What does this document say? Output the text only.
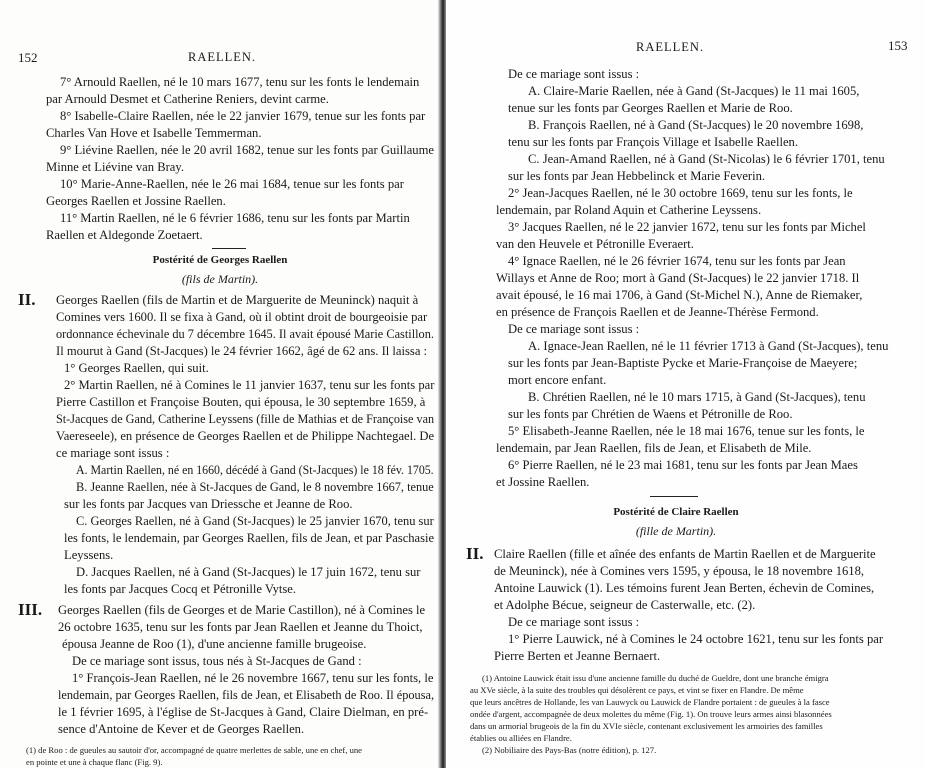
152	RAELLEN.
7° Arnould Raellen, né le 10 mars 1677, tenu sur les fonts le lendemain
par Arnould Desmet et Catherine Reniers, devint carme.
8° Isabelle-Claire Raellen, née le 22 janvier 1679, tenue sur les fonts par
Charles Van Hove et Isabelle Temmerman.
9° Liévine Raellen, née le 20 avril 1682, tenue sur les fonts par Guillaume
Minne et Liévine van Bray.
10° Marie-Anne-Raellen, née le 26 mai 1684, tenue sur les fonts par
Georges Raellen et Jossine Raellen.
11° Martin Raellen, né le 6 février 1686, tenu sur les fonts par Martin
Raellen et Aldegonde Zoetaert.
Postérité de Georges Raellen
(fils de Martin).
II. Georges Raellen (fils de Martin et de Marguerite de Meuninck) naquit à
Comines vers 1600. Il se fixa à Gand, où il obtint droit de bourgeoisie par
ordonnance échevinale du 7 décembre 1645. Il avait épousé Marie Castillon.
Il mourut à Gand (St-Jacques) le 24 février 1662, âgé de 62 ans. Il laissa :
1° Georges Raellen, qui suit.
2° Martin Raellen, né à Comines le 11 janvier 1637, tenu sur les fonts par
Pierre Castillon et Françoise Bouten, qui épousa, le 30 septembre 1659, à
St-Jacques de Gand, Catherine Leyssens (fille de Mathias et de Françoise van
Vaereseele), en présence de Georges Raellen et de Philippe Nachtegael. De
ce mariage sont issus :
A. Martin Raellen, né en 1660, décédé à Gand (St-Jacques) le 18 fév. 1705.
B. Jeanne Raellen, née à St-Jacques de Gand, le 8 novembre 1667, tenue
sur les fonts par Jacques van Driessche et Jeanne de Roo.
C. Georges Raellen, né à Gand (St-Jacques) le 25 janvier 1670, tenu sur
les fonts, le lendemain, par Georges Raellen, fils de Jean, et par Paschasie
Leyssens.
D. Jacques Raellen, né à Gand (St-Jacques) le 17 juin 1672, tenu sur
les fonts par Jacques Cocq et Pétronille Vytse.
III. Georges Raellen (fils de Georges et de Marie Castillon), né à Comines le
26 octobre 1635, tenu sur les fonts par Jean Raellen et Jeanne du Thoict,
épousa Jeanne de Roo (1), d'une ancienne famille brugeoise.
De ce mariage sont issus, tous nés à St-Jacques de Gand :
1° François-Jean Raellen, né le 26 novembre 1667, tenu sur les fonts, le
lendemain, par Georges Raellen, fils de Jean, et Elisabeth de Roo. Il épousa,
le 1 février 1695, à l'église de St-Jacques à Gand, Claire Dielman, en pré-
sence d'Antoine de Kever et de Georges Raellen.
(1) de Roo : de gueules au sautoir d'or, accompagné de quatre merlettes de sable, une en chef, une
en pointe et une à chaque flanc (Fig. 9).
RAELLEN.	153
De ce mariage sont issus :
A. Claire-Marie Raellen, née à Gand (St-Jacques) le 11 mai 1605,
tenue sur les fonts par Georges Raellen et Marie de Roo.
B. François Raellen, né à Gand (St-Jacques) le 20 novembre 1698,
tenu sur les fonts par François Village et Isabelle Raellen.
C. Jean-Amand Raellen, né à Gand (St-Nicolas) le 6 février 1701, tenu
sur les fonts par Jean Hebbelinck et Marie Feverin.
2° Jean-Jacques Raellen, né le 30 octobre 1669, tenu sur les fonts, le
lendemain, par Roland Aquin et Catherine Leyssens.
3° Jacques Raellen, né le 22 janvier 1672, tenu sur les fonts par Michel
van den Heuvele et Pétronille Everaert.
4° Ignace Raellen, né le 26 février 1674, tenu sur les fonts par Jean
Willays et Anne de Roo; mort à Gand (St-Jacques) le 22 janvier 1718. Il
avait épousé, le 16 mai 1706, à Gand (St-Michel N.), Anne de Riemaker,
en présence de François Raellen et de Jeanne-Thérèse Fermond.
De ce mariage sont issus :
A. Ignace-Jean Raellen, né le 11 février 1713 à Gand (St-Jacques), tenu
sur les fonts par Jean-Baptiste Pycke et Marie-Françoise de Maeyere;
mort encore enfant.
B. Chrétien Raellen, né le 10 mars 1715, à Gand (St-Jacques), tenu
sur les fonts par Chrétien de Waens et Pétronille de Roo.
5° Elisabeth-Jeanne Raellen, née le 18 mai 1676, tenue sur les fonts, le
lendemain, par Jean Raellen, fils de Jean, et Elisabeth de Mile.
6° Pierre Raellen, né le 23 mai 1681, tenu sur les fonts par Jean Maes
et Jossine Raellen.
Postérité de Claire Raellen
(fille de Martin).
II. Claire Raellen (fille et aînée des enfants de Martin Raellen et de Marguerite
de Meuninck), née à Comines vers 1595, y épousa, le 18 novembre 1618,
Antoine Lauwick (1). Les témoins furent Jean Berten, échevin de Comines,
et Adolphe Bécue, seigneur de Casterwalle, etc. (2).
De ce mariage sont issus :
1° Pierre Lauwick, né à Comines le 24 octobre 1621, tenu sur les fonts par
Pierre Berten et Jeanne Bernaert.
(1) Antoine Lauwick était issu d'une ancienne famille du duché de Gueldre, dont une branche émigra
au XVe siècle, à la suite des troubles qui désolèrent ce pays, et vint se fixer en Flandre. De même
que leurs ancêtres de Hollande, les van Lauwyck ou Lauwick de Flandre portaient : de gueules à la fasce
ondée d'argent, accompagnée de deux molettes du même (Fig. 1). On trouve leurs armes ainsi blasonnées
dans un armorial brugeois de la fin du XVIe siècle, contenant exclusivement les armoiries des familles
établies ou alliées en Flandre.
(2) Nobiliaire des Pays-Bas (notre édition), p. 127.
